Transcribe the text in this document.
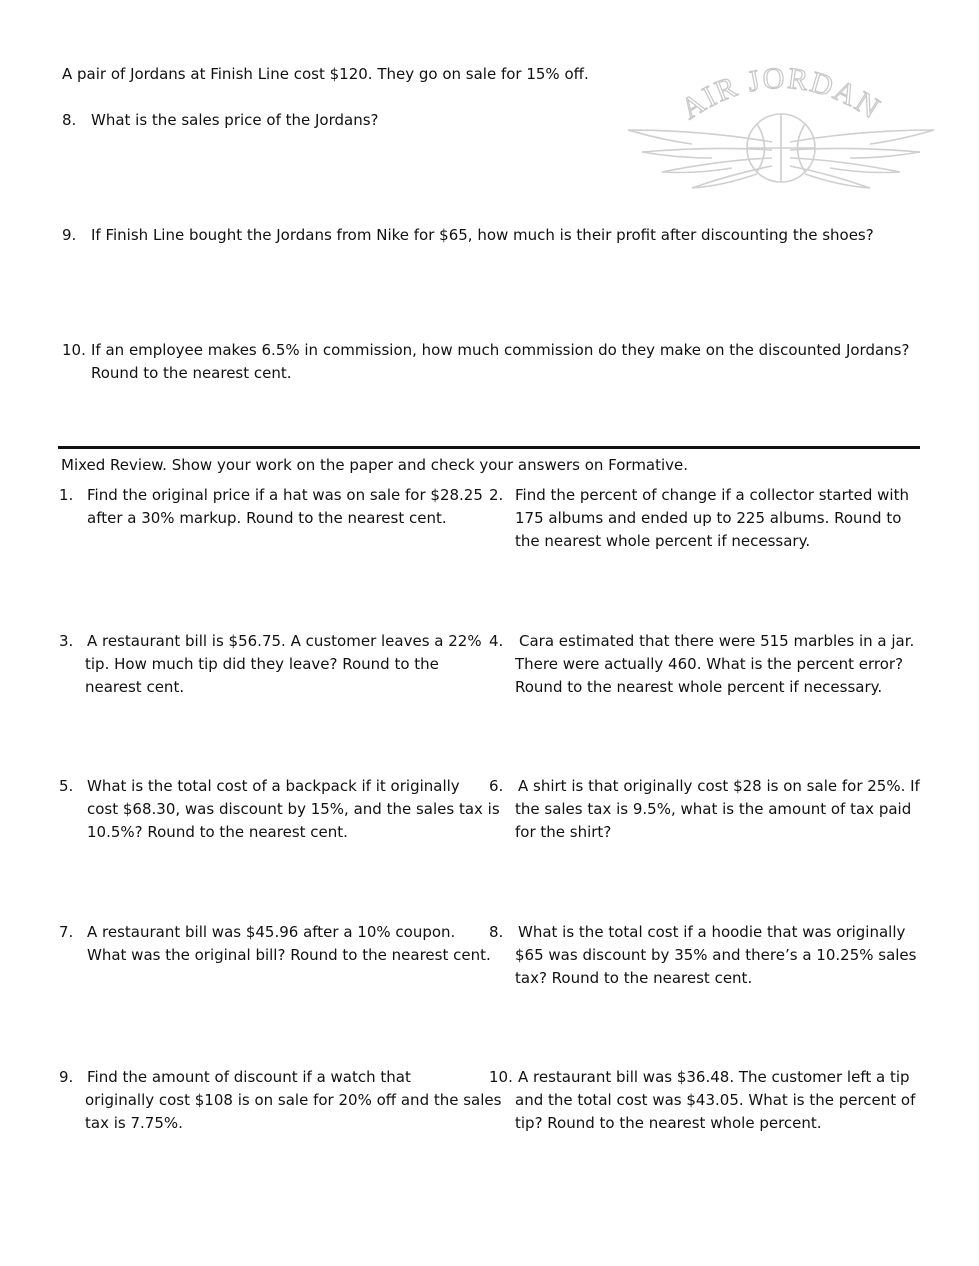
A pair of Jordans at Finish Line cost $120. They go on sale for 15% off.
AIR JORDAN
8. What is the sales price of the Jordans?
9. If Finish Line bought the Jordans from Nike for $65, how much is their profit after discounting the shoes?
10. If an employee makes 6.5% in commission, how much commission do they make on the discounted Jordans?
Round to the nearest cent.
Mixed Review. Show your work on the paper and check your answers on Formative.
1. Find the original price if a hat was on sale for $28.25
after a 30% markup. Round to the nearest cent.
3. A restaurant bill is $56.75. A customer leaves a 22%
tip. How much tip did they leave? Round to the
nearest cent.
5. What is the total cost of a backpack if it originally
cost $68.30, was discount by 15%, and the sales tax is
10.5%? Round to the nearest cent.
7. A restaurant bill was $45.96 after a 10% coupon.
What was the original bill? Round to the nearest cent.
9. Find the amount of discount if a watch that
originally cost $108 is on sale for 20% off and the sales
tax is 7.75%.
2. Find the percent of change if a collector started with
175 albums and ended up to 225 albums. Round to
the nearest whole percent if necessary.
4. Cara estimated that there were 515 marbles in a jar.
There were actually 460. What is the percent error?
Round to the nearest whole percent if necessary.
6. A shirt is that originally cost $28 is on sale for 25%. If
the sales tax is 9.5%, what is the amount of tax paid
for the shirt?
8. What is the total cost if a hoodie that was originally
$65 was discount by 35% and there’s a 10.25% sales
tax? Round to the nearest cent.
10. A restaurant bill was $36.48. The customer left a tip
and the total cost was $43.05. What is the percent of
tip? Round to the nearest whole percent.
